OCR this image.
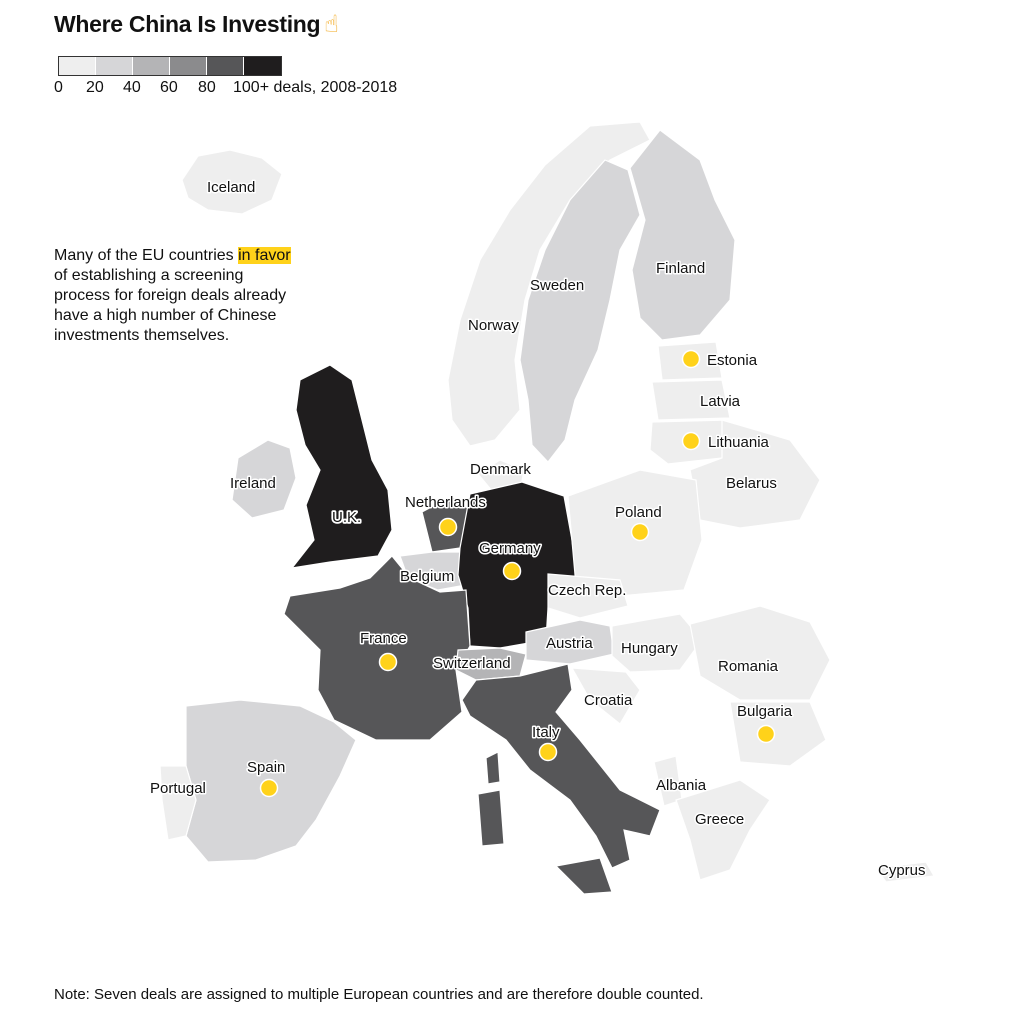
Where China Is Investing ☝
0 20 40 60 80 100+ deals, 2008-2018
Many of the EU countries in favor of establishing a screening process for foreign deals already have a high number of Chinese investments themselves.
Iceland
Norway
Sweden
Finland
Estonia
Latvia
Lithuania
Belarus
Ireland
U.K.
Denmark
Netherlands
Belgium
Germany
Poland
Czech Rep.
France
Switzerland
Austria Hungary
Romania
Croatia
Bulgaria
Italy
Spain
Portugal	Albania
Greece
Cyprus
Note: Seven deals are assigned to multiple European countries and are therefore double counted.
